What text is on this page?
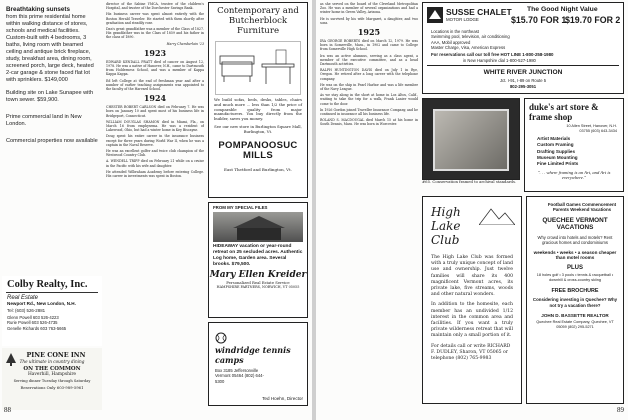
Breathtaking sunsets
from this prime residential home within walking distance of stores, schools and medical facilities. Custom-built with 4 bedrooms, 3 baths, living room with beamed ceiling and antique brick fireplace, study, breakfast area, dining room, screened porch, large deck, heated 2-car garage & stone faced flat lot with sprinklers. $149,000
Building site on Lake Sunapee with town sewer. $59,900.
Prime commercial land in New London.
Commercial properties now available
Colby Realty, Inc.
Real Estate
Newport Rd., New London, N.H.
Tel: (603) 526-2881
Glenn Powell 603 526-4223
Rurie Powell 603 526-4735
Genelle Richards 603 763-5665
PINE CONE INN
The ultimate in country dining
ON THE COMMON
Haverhill, Hampshire
Serving dinner Tuesday through Saturday
Reservations Only 603-989-5961

director of the Sabine YMCA, trustee of the children's Hospital, and trustee of the Dorchester Savings Bank.

His business career was spent almost entirely with the Boston Herald Traveler. He started with them shortly after graduation and steadily rose.

Dan's great grandfather was a member of the Class of 1827. His grandfather was in the Class of 1859 and his father in the class of 1890.

Harry Chamberlain '23

1923

EDWARD KENDALL PRATT died of cancer on August 12, 1978. He was a native of Hanover, N.H., came to Dartmouth from Holderness School, and was a member of Kappa Kappa Kappa.

Ed left College at the end of freshman year and after a number of earlier teaching assignments was appointed to the faculty of the Harvard School.

1924

CHESTER ROBERT CARLSON died on February 7. He was born on January 10 and spent most of his business life in Bridgeport, Connecticut.

WILLIAM DOUGLAS SHAMON died in Miami, Fla., on March 16 from emphysema. He was a resident of Lakewood, Ohio, but had a winter home in Key Biscayne.

Doug spent his entire career in the insurance business except for three years during World War II, when he was a captain in the Naval Reserve.

He was an excellent golfer and twice club champion of the Westwood Country Club.

A. WENDELL TRIPP died on February 21 while on a cruise in the Pacific with his wife and daughter.

He attended Wilbraham Academy before entering College. His career in investments was spent in Boston.

Contemporary and Butcherblock Furniture
We build sofas, beds, desks, tables, chairs and much more ... less than 1/2 the price of comparable quality from major manufacturers. You buy directly from the builder, saves you money.
See our new store in Burlington Square Mall, Burlington, Vt.
POMPANOOSUC MILLS
East Thetford and Burlington, Vt.
FROM MY SPECIAL FILES
HIDEAWAY vacation or year-round retreat on 25 secluded acres. Authentic Log home, Garden area. Several brooks. $79,500.
Mary Ellen Kreider
Personalized Real Estate Service
HAMPSHIRE PARTNERS, NORWICH, VT 05055
windridge tennis camps
Box 3185 Jeffersonville Vermont 05464 (802) 644-5300
Ted Hoehn, Director
88

as she served on the board of the Cleveland Metropolitan Zoo. He was a member of several organizations and had a winter home in Green Valley, Arizona.

He is survived by his wife Margaret, a daughter, and two sons.

1925

IRA GEORGE ROBERTS died on March 12, 1979. He was born in Somerville, Mass., in 1902 and came to College from Somerville High School.

Ira was an active alumnus, serving as a class agent, a member of the executive committee, and as a head Dartmouth activities.

RALPH HUNTINGTON DAVIS died on July 1 in Rye, Oregon. He retired after a long career with the telephone company.

He was on the ship in Pearl Harbor and was a life member of the Navy League.

As we stay along in the short at home in Los Altos, Calif., waiting to take the trip for a walk, Frank Lanier would come to the door.

In 1926 Gordon joined Traveller Insurance Company, and he continued in insurance all his business life.

ROLAND S. MACDOUGAL died March 15 at his home in South Dennis, Mass. He was born in Worcester.

SUSSE CHALET
MOTOR LODGE
The Good Night Value
$15.70 FOR 1
$19.70 FOR 2
Locations in the northeast
Swimming pool, television, air conditioning
AAA, Mobil approved
Master Charge, Visa, American Express
For reservations call our toll free HOT LINE 1-800-258-1980
in New Hampshire dial 1-800-527-1980
WHITE RIVER JUNCTION
Jct. I-91, I-89 on Route 5
802-295-3051
#65. Conservation framed to archival standards.
duke's art store & frame shop
10 Allen Street, Hanover, N.H. 03755 (603) 643-3434
Artist Materials
Custom Framing
Drafting Supplies
Museum Mounting
Fine Limited Prints
". . . where framing is an Art, and Art is everywhere."
High Lake Club
The High Lake Club was formed with a truly unique concept of land use and ownership. Just twelve families will share its 400 magnificent Vermont acres, its private lake, five streams, woods and other natural wonders.
In addition to the homesite, each member has an undivided 1/12 interest in the common area and facilities. If you want a truly private wilderness retreat that will maintain only a small portion of it.
For details call or write RICHARD F. DUDLEY, Sharon, VT 05065 or telephone (802) 765-9983
Football Games Commencement Parents Weekend Vacations
QUECHEE VERMONT VACATIONS
Why crowd into hotels and motels? Rent gracious homes and condominiums
weekends • weeks • a season cheaper than motel rooms
PLUS
18 holes golf • 3 pools • tennis & racquetball • downhill & cross-country skiing
FREE BROCHURE
Considering investing in Quechee? Why not try a vacation there?
JOHN D. BASSETTE REALTOR
Quechee Real Estate Company, Quechee, VT 05059 (802) 295-5271
89
